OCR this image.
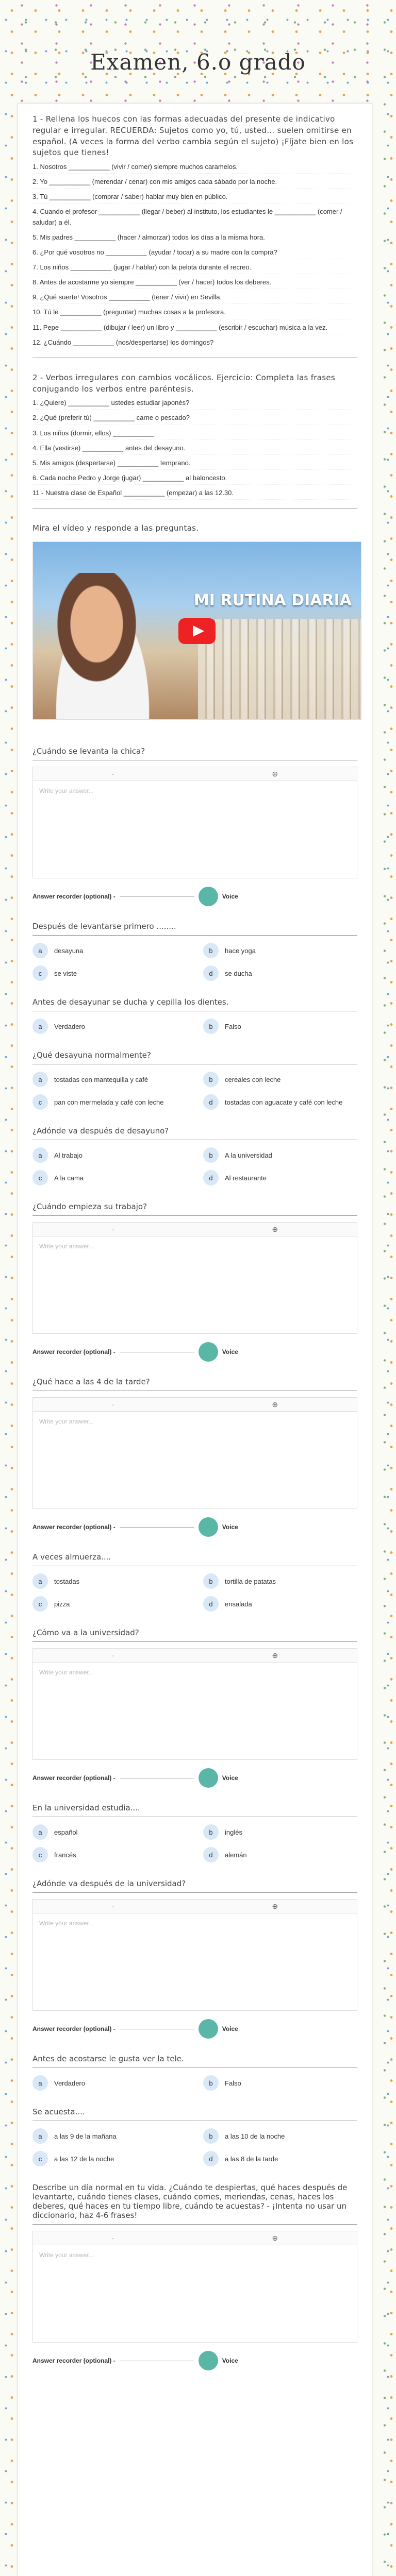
Examen, 6.o grado
1 - Rellena los huecos con las formas adecuadas del presente de indicativo regular e irregular. RECUERDA: Sujetos como yo, tú, usted… suelen omitirse en español. (A veces la forma del verbo cambia según el sujeto) ¡Fíjate bien en los sujetos que tienes!

1. Nosotros ___________ (vivir / comer) siempre muchos caramelos.

2. Yo ___________ (merendar / cenar) con mis amigos cada sábado por la noche.

3. Tú ___________ (comprar / saber) hablar muy bien en público.

4. Cuando el profesor ___________ (llegar / beber) al instituto, los estudiantes le ___________ (comer / saludar) a él.

5. Mis padres ___________ (hacer / almorzar) todos los días a la misma hora.

6. ¿Por qué vosotros no ___________ (ayudar / tocar) a su madre con la compra?

7. Los niños ___________ (jugar / hablar) con la pelota durante el recreo.

8. Antes de acostarme yo siempre ___________ (ver / hacer) todos los deberes.

9. ¿Qué suerte! Vosotros ___________ (tener / vivir) en Sevilla.

10. Tú le ___________ (preguntar) muchas cosas a la profesora.

11. Pepe ___________ (dibujar / leer) un libro y ___________ (escribir / escuchar) música a la vez.

12. ¿Cuándo ___________ (nos/despertarse) los domingos?

2 - Verbos irregulares con cambios vocálicos. Ejercicio: Completa las frases conjugando los verbos entre paréntesis.

1. ¿Quiere) ___________ ustedes estudiar japonés?

2. ¿Qué (preferir tú) ___________ carne o pescado?

3. Los niños (dormir, ellos) ___________

4. Ella (vestirse) ___________ antes del desayuno.

5. Mis amigos (despertarse) ___________ temprano.

6. Cada noche Pedro y Jorge (jugar) ___________ al baloncesto.

11 - Nuestra clase de Español ___________ (empezar) a las 12.30.

Mira el vídeo y responde a las preguntas.
MI RUTINA DIARIA
¿Cuándo se levanta la chica?
·	⊕
Write your answer...
Answer recorder (optional) -	Voice
Después de levantarse primero ........
a	desayuna	b	hace yoga
c	se viste	d	se ducha
Antes de desayunar se ducha y cepilla los dientes.
a	Verdadero	b	Falso
¿Qué desayuna normalmente?
a	tostadas con mantequilla y café	b	cereales con leche
c	pan con mermelada y café con leche	d	tostadas con aguacate y café con leche
¿Adónde va después de desayuno?
a	Al trabajo	b	A la universidad
c	A la cama	d	Al restaurante
¿Cuándo empieza su trabajo?
·	⊕
Write your answer...
Answer recorder (optional) -	Voice
¿Qué hace a las 4 de la tarde?
·	⊕
Write your answer...
Answer recorder (optional) -	Voice
A veces almuerza....
a	tostadas	b	tortilla de patatas
c	pizza	d	ensalada
¿Cómo va a la universidad?
·	⊕
Write your answer...
Answer recorder (optional) -	Voice
En la universidad estudia....
a	español	b	inglés
c	francés	d	alemán
¿Adónde va después de la universidad?
·	⊕
Write your answer...
Answer recorder (optional) -	Voice
Antes de acostarse le gusta ver la tele.
a	Verdadero	b	Falso
Se acuesta....
a	a las 9 de la mañana	b	a las 10 de la noche
c	a las 12 de la noche	d	a las 8 de la tarde
Describe un día normal en tu vida. ¿Cuándo te despiertas, qué haces después de levantarte, cuándo tienes clases, cuándo comes, meriendas, cenas, haces los deberes, qué haces en tu tiempo libre, cuándo te acuestas? - ¡Intenta no usar un diccionario, haz 4-6 frases!
·	⊕
Write your answer...
Answer recorder (optional) -	Voice
